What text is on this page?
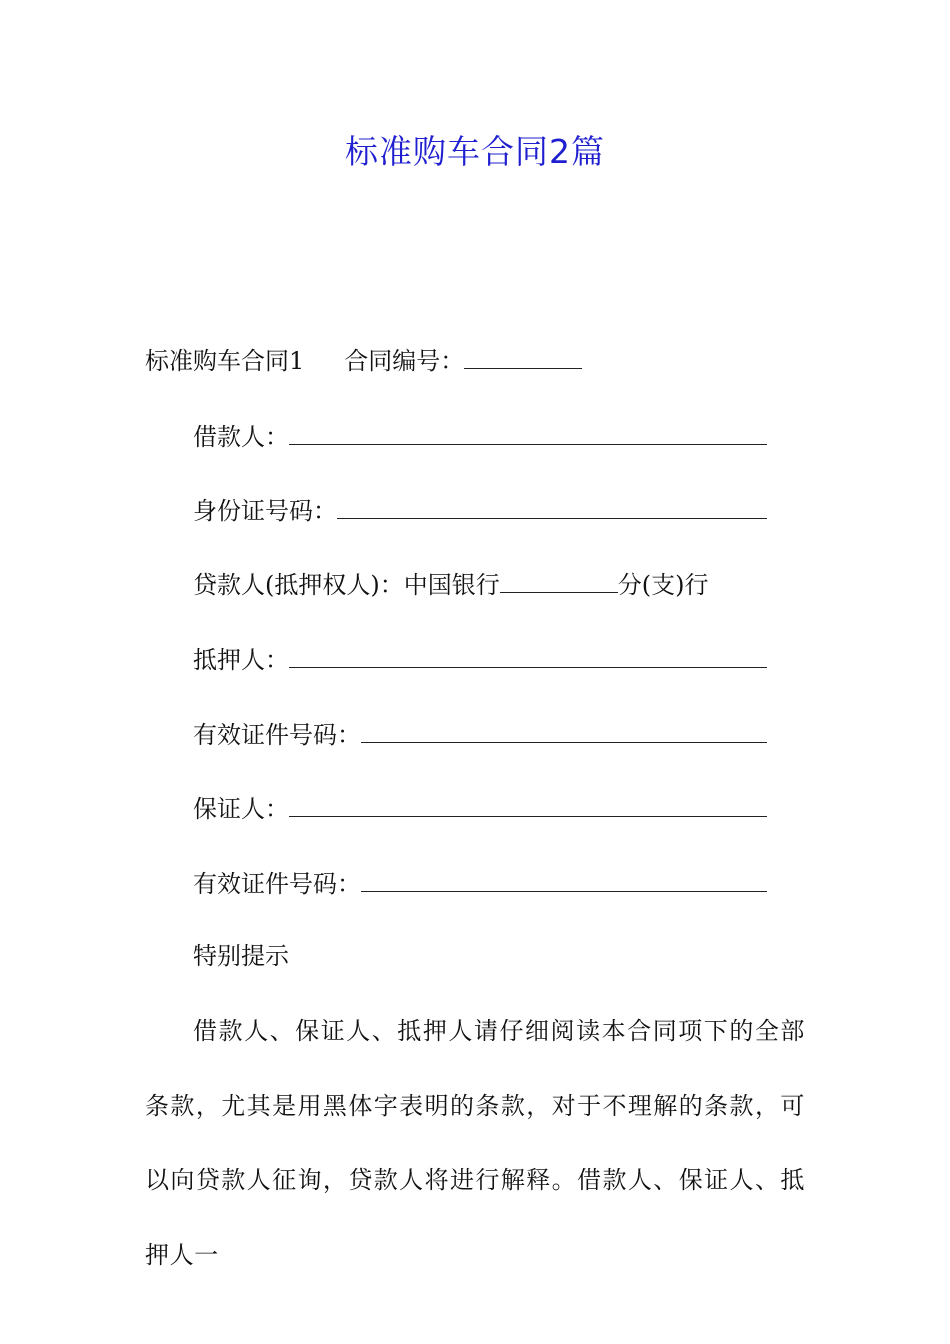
标准购车合同2篇
标准购车合同1 合同编号：
借款人：
身份证号码：
贷款人(抵押权人)：中国银行	分(支)行
抵押人：
有效证件号码：
保证人：
有效证件号码：
特别提示
借款人、保证人、抵押人请仔细阅读本合同项下的全部条款，尤其是用黑体字表明的条款，对于不理解的条款，可以向贷款人征询，贷款人将进行解释。借款人、保证人、抵押人一
